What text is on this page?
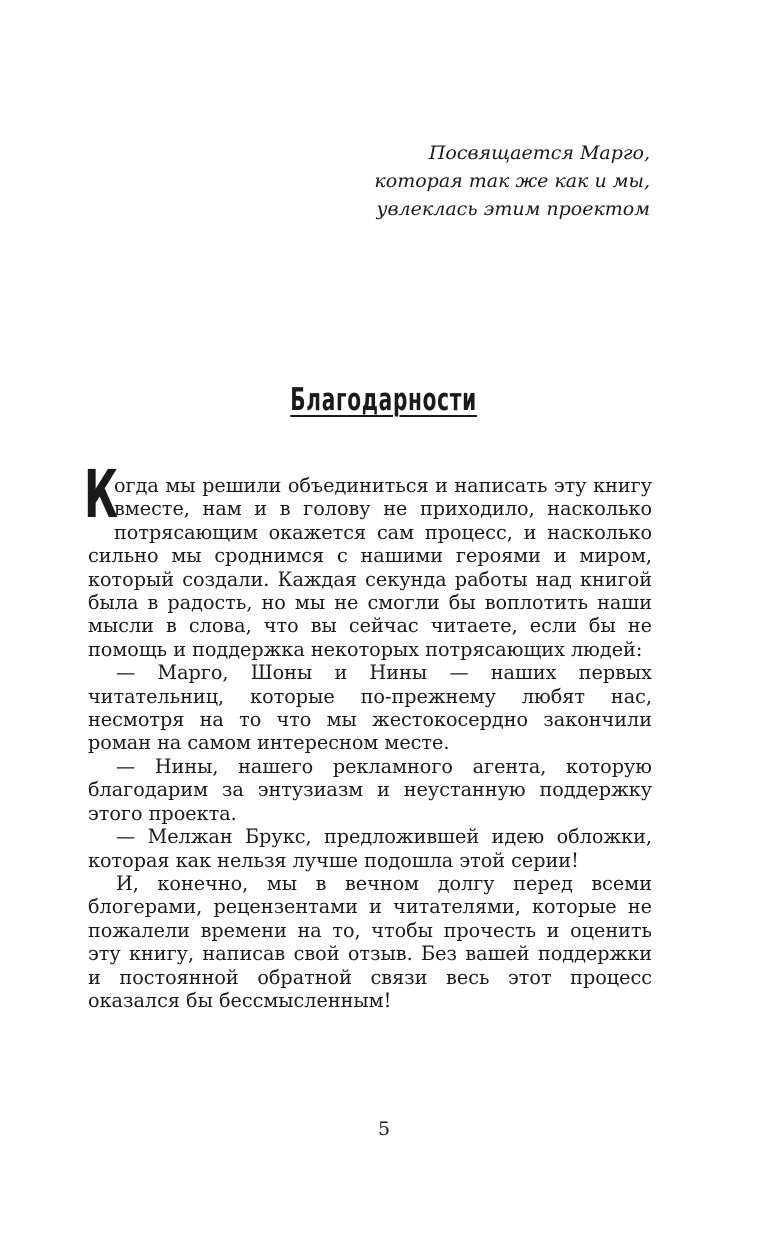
Посвящается Марго,
которая так же как и мы,
увлеклась этим проектом
Благодарности

К
огда мы решили объединиться и написать эту книгу вместе, нам и в голову не приходило, насколько потрясающим окажется сам процесс, и насколько сильно мы сроднимся с нашими героями и миром, который создали. Каждая секунда работы над книгой была в радость, но мы не смогли бы воплотить наши мысли в слова, что вы сейчас читаете, если бы не помощь и поддержка некоторых потрясающих людей:

— Марго, Шоны и Нины — наших первых читательниц, которые по-прежнему любят нас, несмотря на то что мы жестокосердно закончили роман на самом интересном месте.

— Нины, нашего рекламного агента, которую благодарим за энтузиазм и неустанную поддержку этого проекта.

— Мелжан Брукс, предложившей идею обложки, которая как нельзя лучше подошла этой серии!

И, конечно, мы в вечном долгу перед всеми блогерами, рецензентами и читателями, которые не пожалели времени на то, чтобы прочесть и оценить эту книгу, написав свой отзыв. Без вашей поддержки и постоянной обратной связи весь этот процесс оказался бы бессмысленным!

5
